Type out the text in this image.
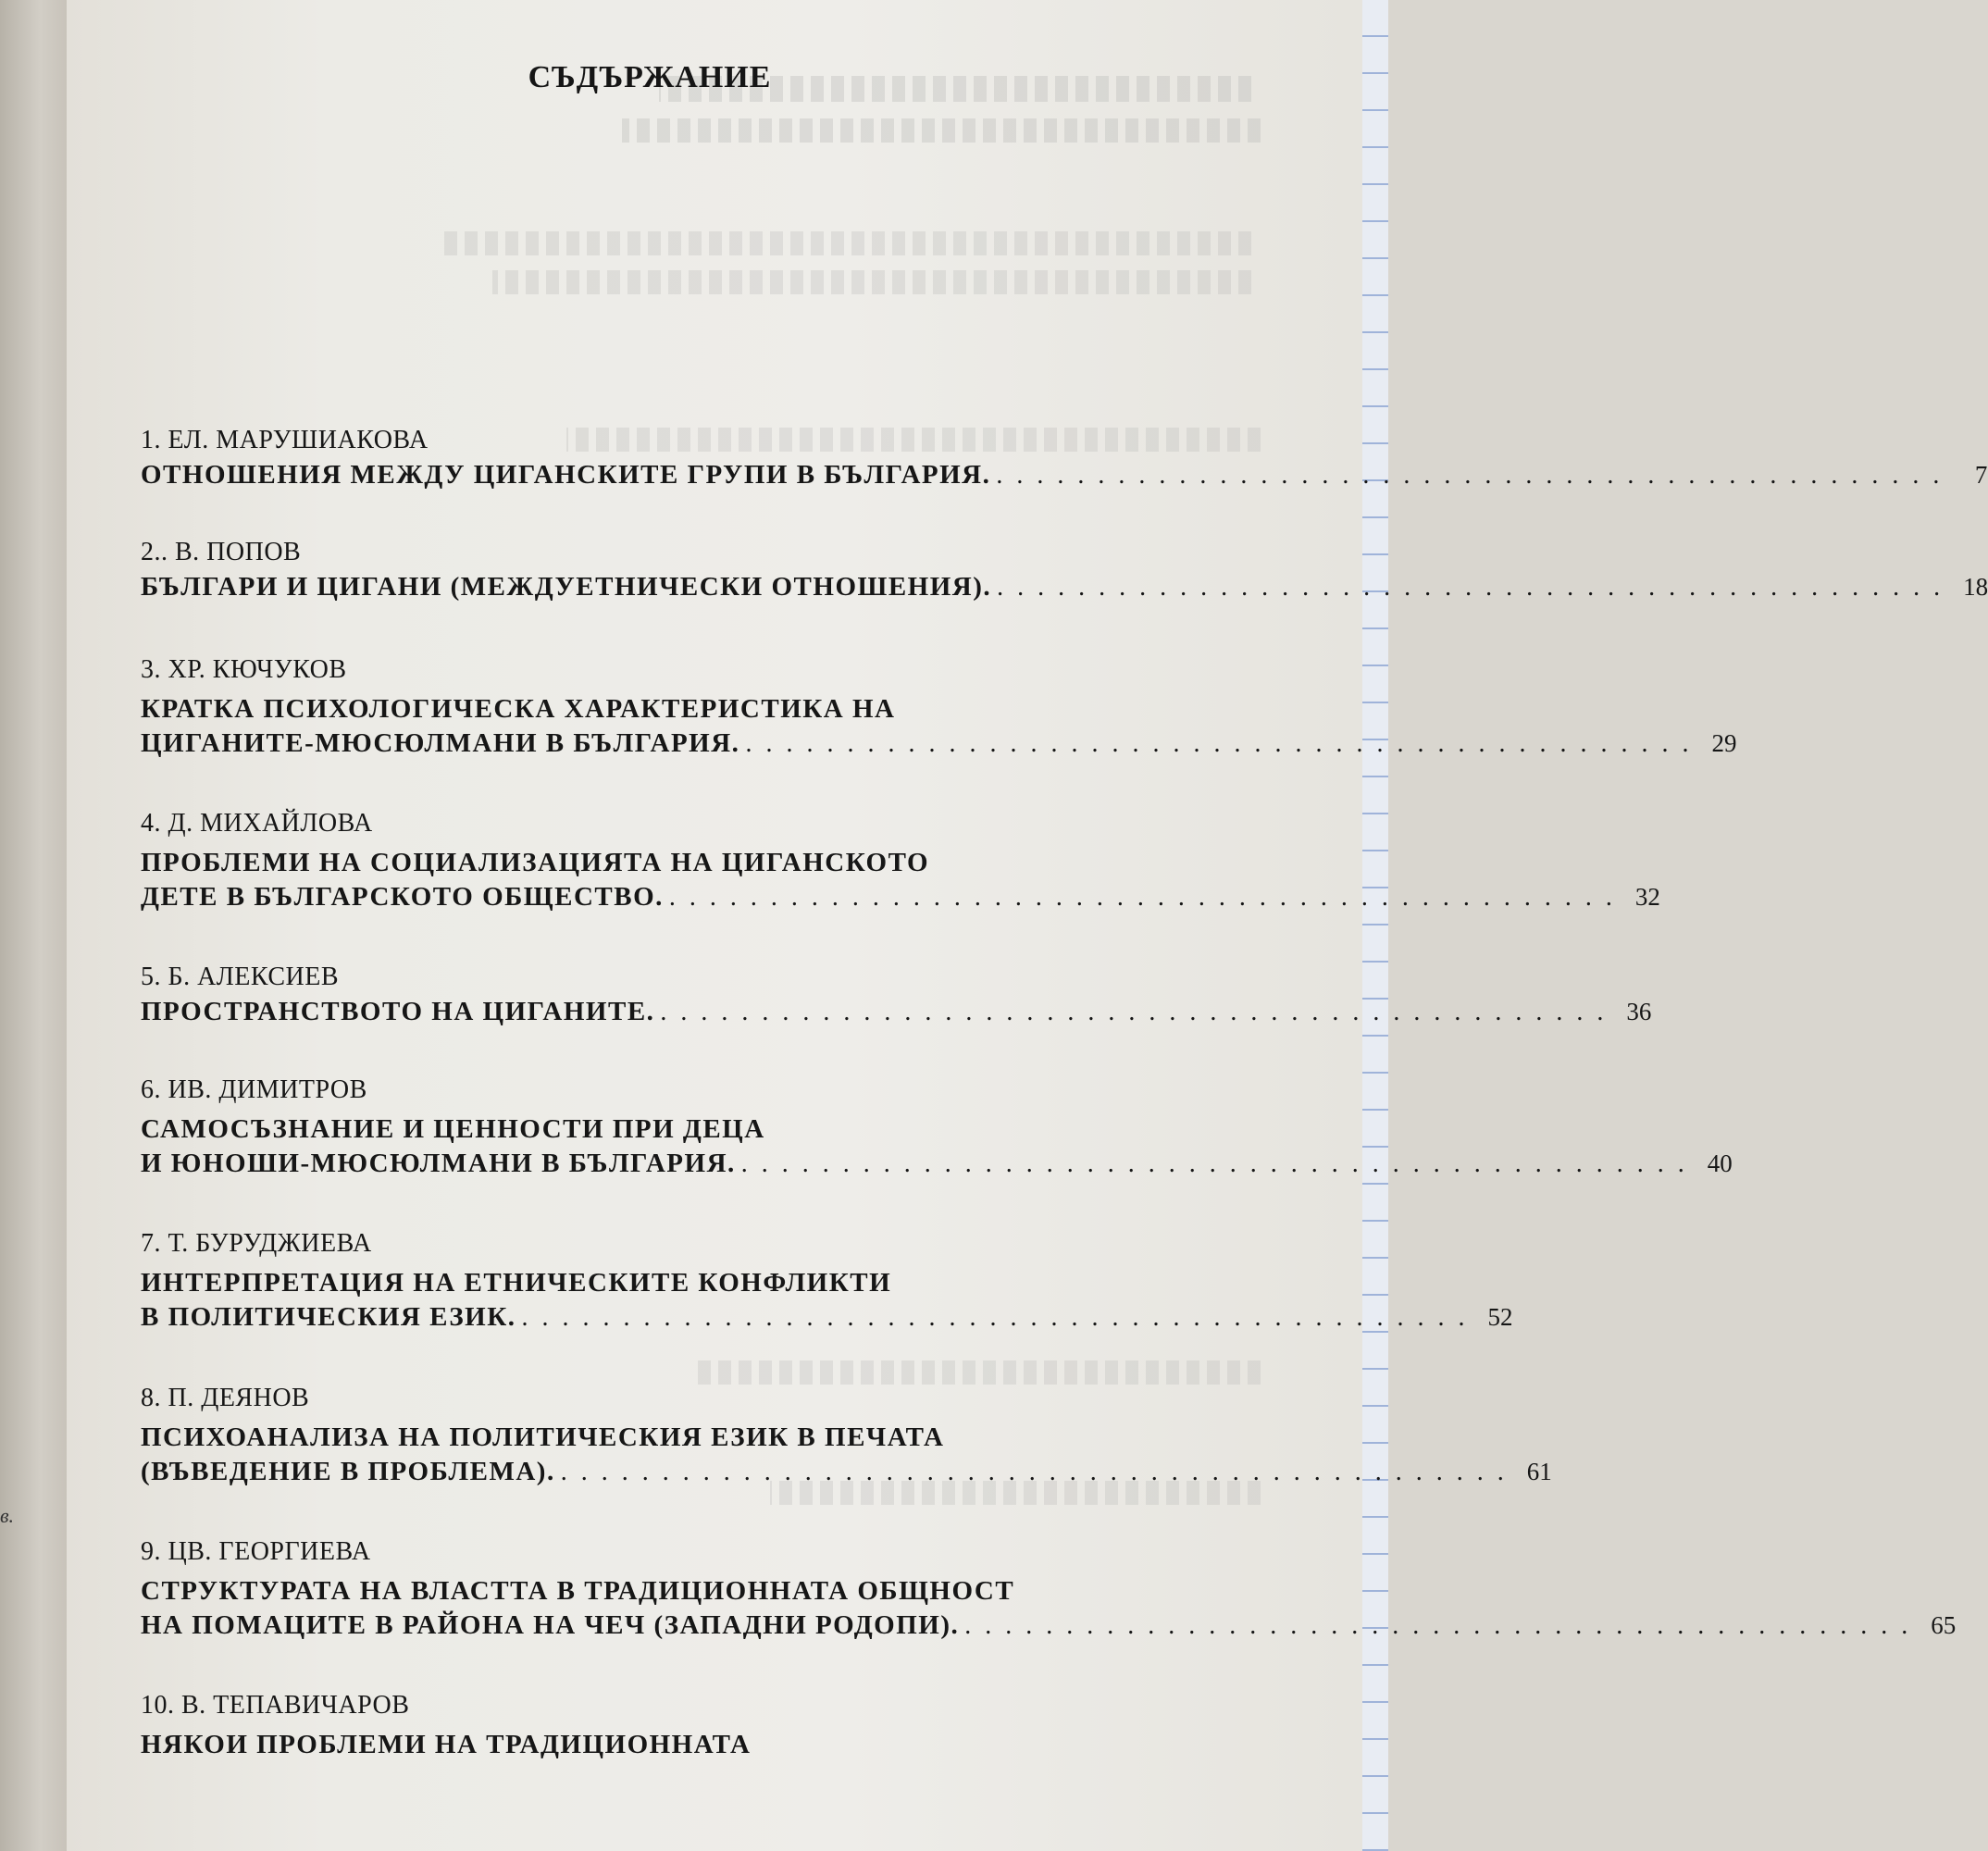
в.
СЪДЪРЖАНИЕ
1. ЕЛ. МАРУШИАКОВА
ОТНОШЕНИЯ МЕЖДУ ЦИГАНСКИТЕ ГРУПИ В БЪЛГАРИЯ. . . . . . . . . . . . . . . . . . . . . . . . . . . . . . . . . . . . . . . . . . . . . . . .	7
2.. В. ПОПОВ
БЪЛГАРИ И ЦИГАНИ (МЕЖДУЕТНИЧЕСКИ ОТНОШЕНИЯ). . . . . . . . . . . . . . . . . . . . . . . . . . . . . . . . . . . . . . . . . . . . . . . . 18
3. ХР. КЮЧУКОВ
КРАТКА ПСИХОЛОГИЧЕСКА ХАРАКТЕРИСТИКА НА
ЦИГАНИТЕ-МЮСЮЛМАНИ В БЪЛГАРИЯ. . . . . . . . . . . . . . . . . . . . . . . . . . . . . . . . . . . . . . . . . . . . . . . . 29
4. Д. МИХАЙЛОВА
ПРОБЛЕМИ НА СОЦИАЛИЗАЦИЯТА НА ЦИГАНСКОТО
ДЕТЕ В БЪЛГАРСКОТО ОБЩЕСТВО. . . . . . . . . . . . . . . . . . . . . . . . . . . . . . . . . . . . . . . . . . . . . . . . 32
5. Б. АЛЕКСИЕВ
ПРОСТРАНСТВОТО НА ЦИГАНИТЕ. . . . . . . . . . . . . . . . . . . . . . . . . . . . . . . . . . . . . . . . . . . . . . . . 36
6. ИВ. ДИМИТРОВ
САМОСЪЗНАНИЕ И ЦЕННОСТИ ПРИ ДЕЦА
И ЮНОШИ-МЮСЮЛМАНИ В БЪЛГАРИЯ. . . . . . . . . . . . . . . . . . . . . . . . . . . . . . . . . . . . . . . . . . . . . . . . 40
7. Т. БУРУДЖИЕВА
ИНТЕРПРЕТАЦИЯ НА ЕТНИЧЕСКИТЕ КОНФЛИКТИ
В ПОЛИТИЧЕСКИЯ ЕЗИК. . . . . . . . . . . . . . . . . . . . . . . . . . . . . . . . . . . . . . . . . . . . . . . . 52
8. П. ДЕЯНОВ
ПСИХОАНАЛИЗА НА ПОЛИТИЧЕСКИЯ ЕЗИК В ПЕЧАТА
(ВЪВЕДЕНИЕ В ПРОБЛЕМА). . . . . . . . . . . . . . . . . . . . . . . . . . . . . . . . . . . . . . . . . . . . . . . . 61
9. ЦВ. ГЕОРГИЕВА
СТРУКТУРАТА НА ВЛАСТТА В ТРАДИЦИОННАТА ОБЩНОСТ
НА ПОМАЦИТЕ В РАЙОНА НА ЧЕЧ (ЗАПАДНИ РОДОПИ). . . . . . . . . . . . . . . . . . . . . . . . . . . . . . . . . . . . . . . . . . . . . . . . 65
10. В. ТЕПАВИЧАРОВ
НЯКОИ ПРОБЛЕМИ НА ТРАДИЦИОННАТА
